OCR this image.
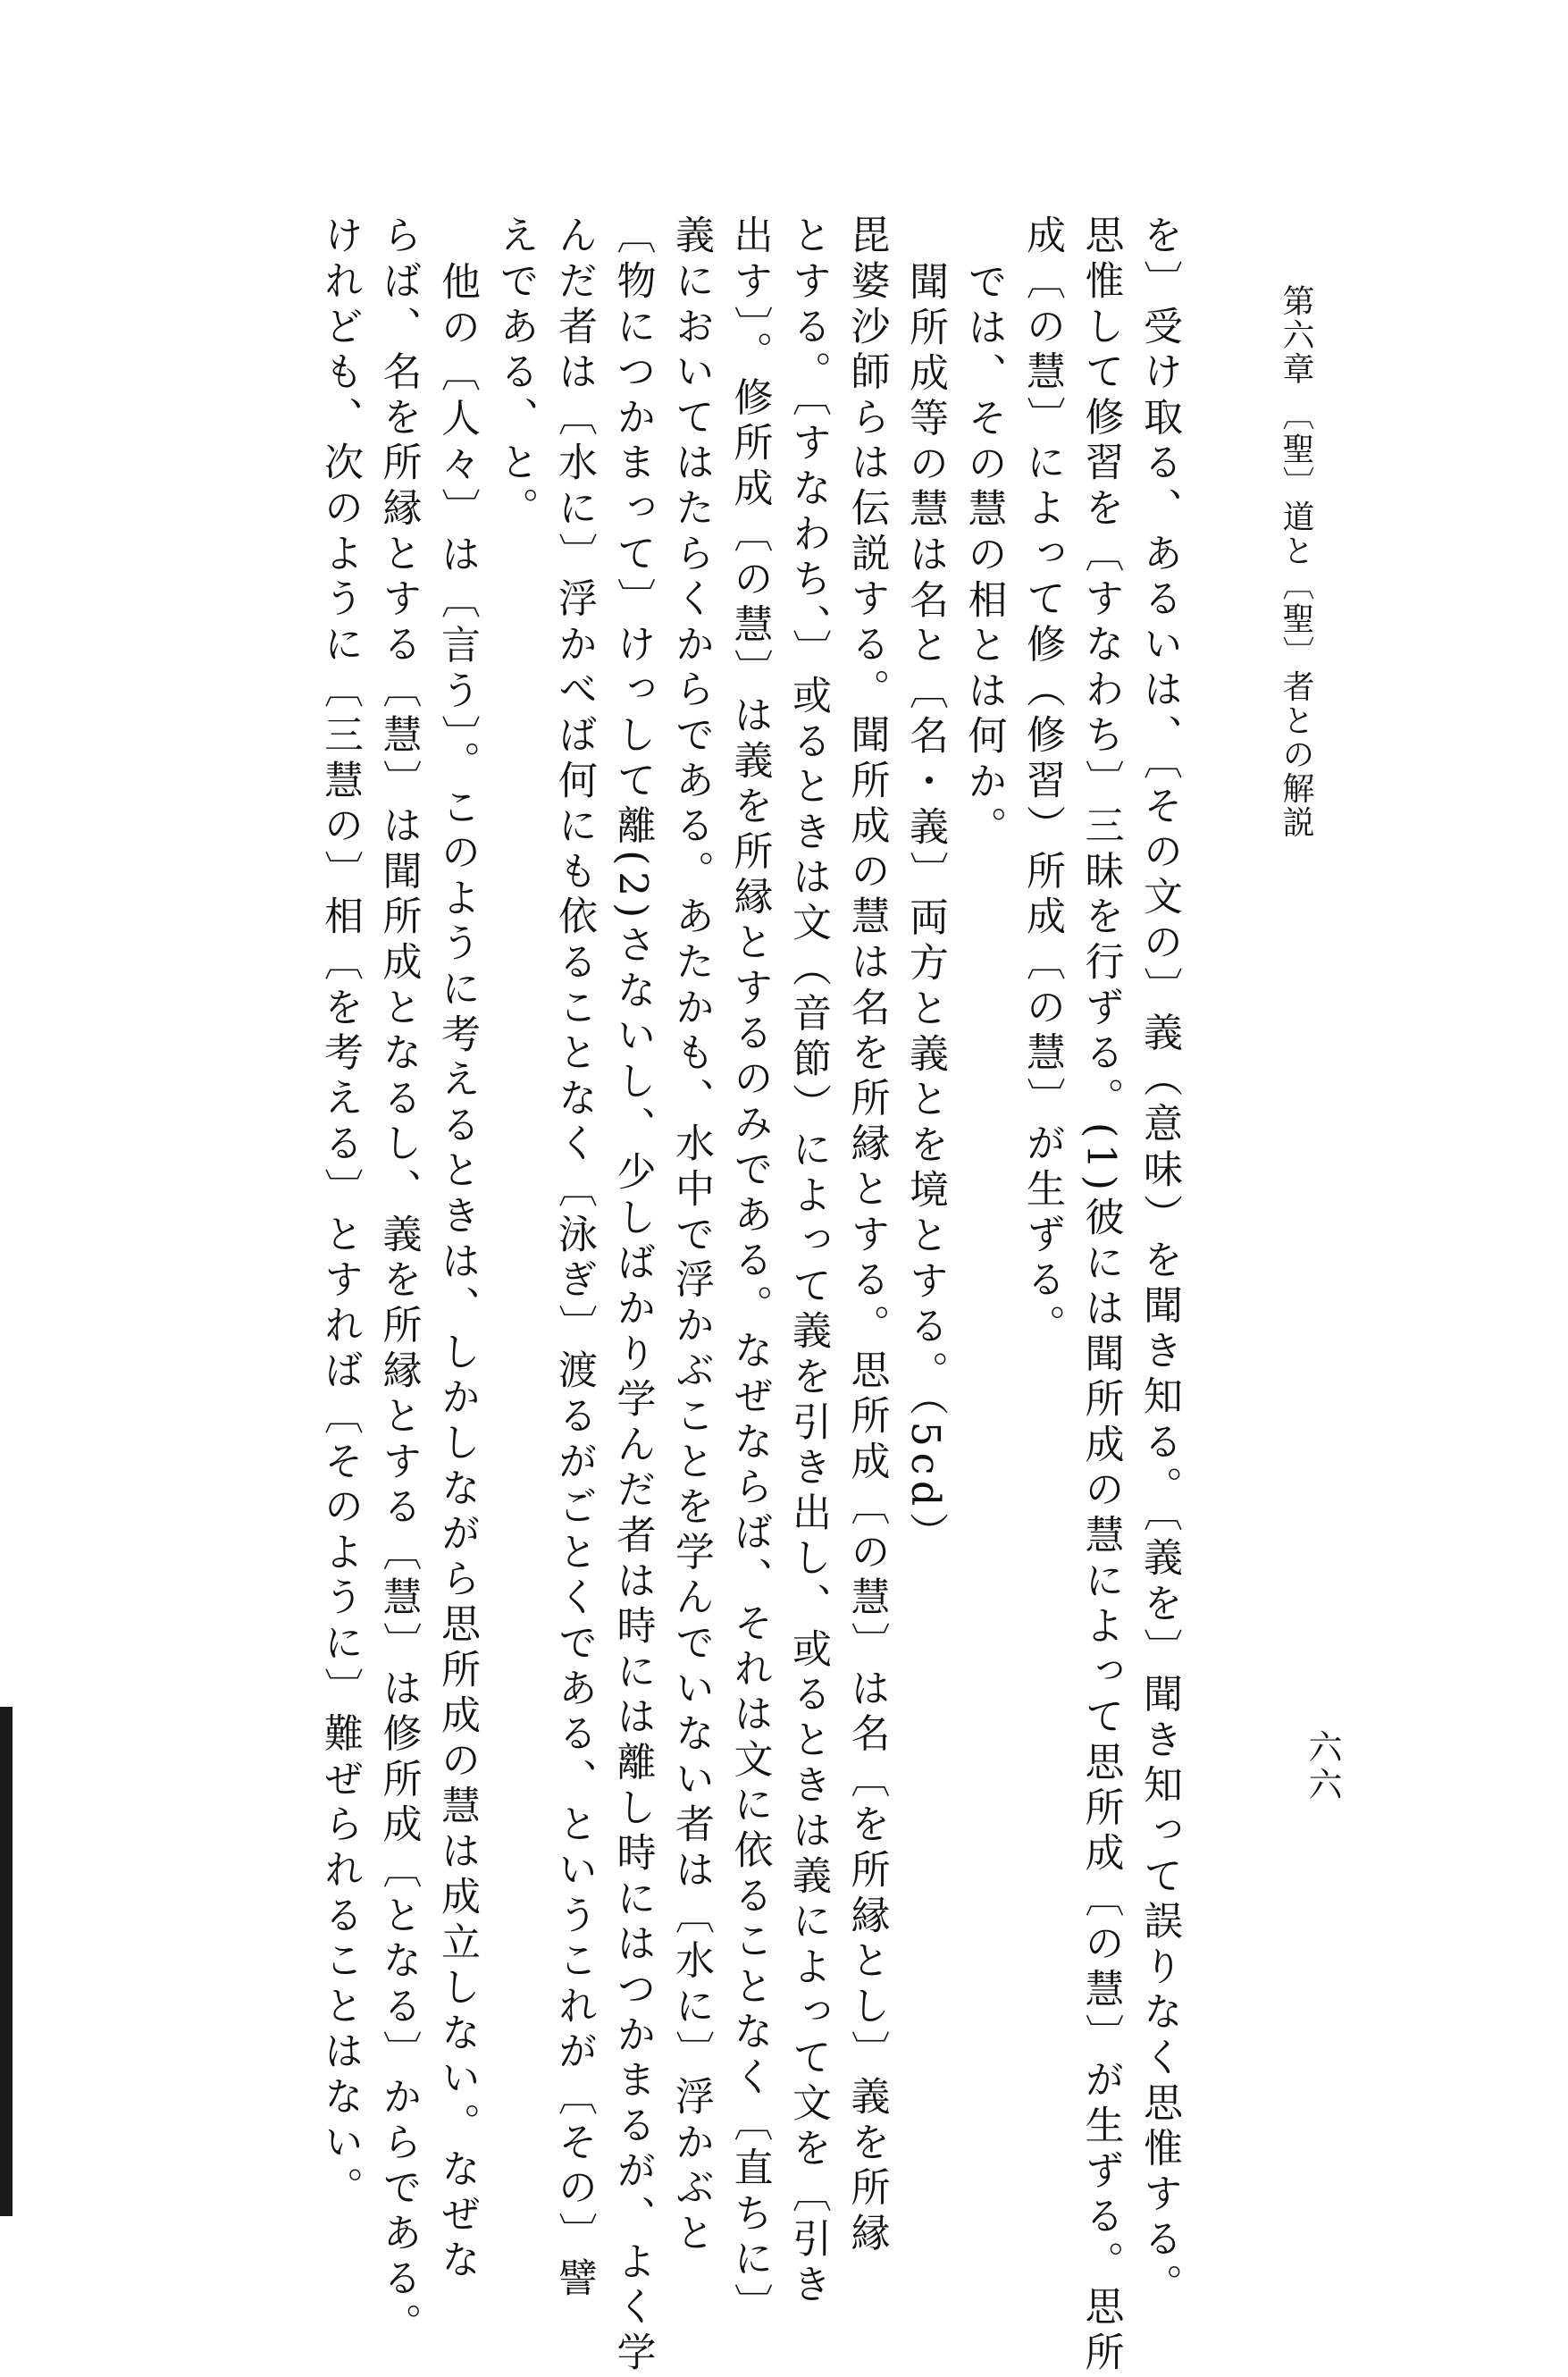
第六章 〔聖〕道と〔聖〕者との解説
六六

を〕受け取る、あるいは、〔その文の〕義（意味）を聞き知る。〔義を〕聞き知って誤りなく思惟する。

思惟して修習を〔すなわち〕三昧を行ずる。(1)彼には聞所成の慧によって思所成〔の慧〕が生ずる。思所

成〔の慧〕によって修（修習）所成〔の慧〕が生ずる。

では、その慧の相とは何か。

聞所成等の慧は名と〔名・義〕両方と義とを境とする。（5cd）

毘婆沙師らは伝説する。聞所成の慧は名を所縁とする。思所成〔の慧〕は名〔を所縁とし〕義を所縁

とする。〔すなわち、〕或るときは文（音節）によって義を引き出し、或るときは義によって文を〔引き

出す〕。修所成〔の慧〕は義を所縁とするのみである。なぜならば、それは文に依ることなく〔直ちに〕

義においてはたらくからである。あたかも、水中で浮かぶことを学んでいない者は〔水に〕浮かぶと

〔物につかまって〕けっして離(2)さないし、少しばかり学んだ者は時には離し時にはつかまるが、よく学

んだ者は〔水に〕浮かべば何にも依ることなく〔泳ぎ〕渡るがごとくである、というこれが〔その〕譬

えである、と。

他の〔人々〕は〔言う〕。このように考えるときは、しかしながら思所成の慧は成立しない。なぜな

らば、名を所縁とする〔慧〕は聞所成となるし、義を所縁とする〔慧〕は修所成〔となる〕からである。

けれども、次のように〔三慧の〕相〔を考える〕とすれば〔そのように〕難ぜられることはない。
